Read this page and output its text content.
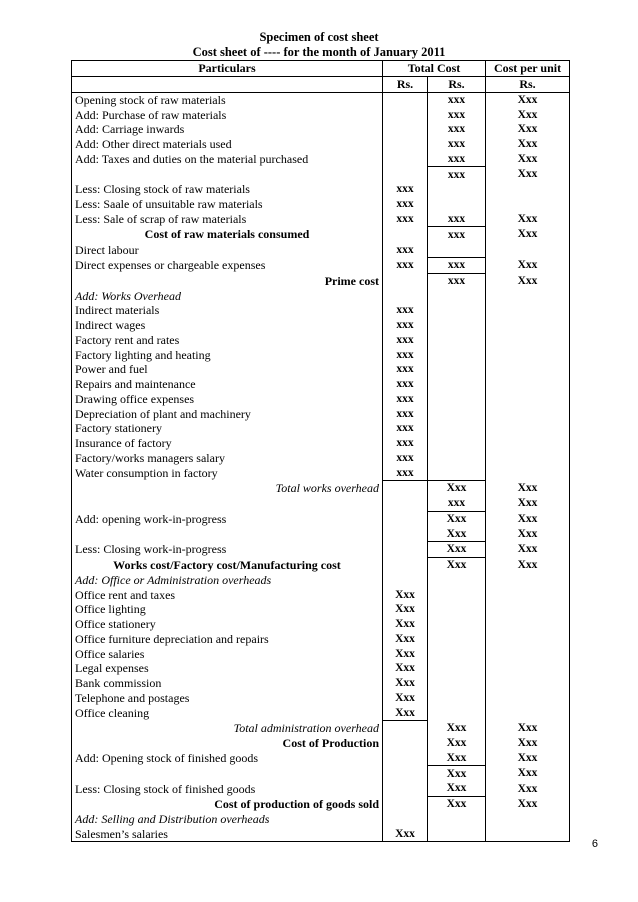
Specimen of cost sheet
Cost sheet of ---- for the month of January 2011
Particulars	Total Cost		Cost per unit
	Rs.	Rs.	Rs.
Opening stock of raw materials		xxx	Xxx
Add: Purchase of raw materials		xxx	Xxx
Add: Carriage inwards		xxx	Xxx
Add: Other direct materials used		xxx	Xxx
Add: Taxes and duties on the material purchased		xxx	Xxx
		xxx	Xxx
Less: Closing stock of raw materials	xxx		
Less: Saale of unsuitable raw materials	xxx		
Less: Sale of scrap of raw materials	xxx	xxx	Xxx
Cost of raw materials consumed		xxx	Xxx
Direct labour	xxx		
Direct expenses or chargeable expenses	xxx	xxx	Xxx
Prime cost		xxx	Xxx
Add: Works Overhead			
Indirect materials	xxx		
Indirect wages	xxx		
Factory rent and rates	xxx		
Factory lighting and heating	xxx		
Power and fuel	xxx		
Repairs and maintenance	xxx		
Drawing office expenses	xxx		
Depreciation of plant and machinery	xxx		
Factory stationery	xxx		
Insurance of factory	xxx		
Factory/works managers salary	xxx		
Water consumption in factory	xxx		
Total works overhead		Xxx	Xxx
		xxx	Xxx
Add: opening work-in-progress		Xxx	Xxx
		Xxx	Xxx
Less: Closing work-in-progress		Xxx	Xxx
Works cost/Factory cost/Manufacturing cost		Xxx	Xxx
Add: Office or Administration overheads			
Office rent and taxes	Xxx		
Office lighting	Xxx		
Office stationery	Xxx		
Office furniture depreciation and repairs	Xxx		
Office salaries	Xxx		
Legal expenses	Xxx		
Bank commission	Xxx		
Telephone and postages	Xxx		
Office cleaning	Xxx		
Total administration overhead		Xxx	Xxx
Cost of Production		Xxx	Xxx
Add: Opening stock of finished goods		Xxx	Xxx
		Xxx	Xxx
Less: Closing stock of finished goods		Xxx	Xxx
Cost of production of goods sold		Xxx	Xxx
Add: Selling and Distribution overheads			
Salesmen’s salaries	Xxx		
6
